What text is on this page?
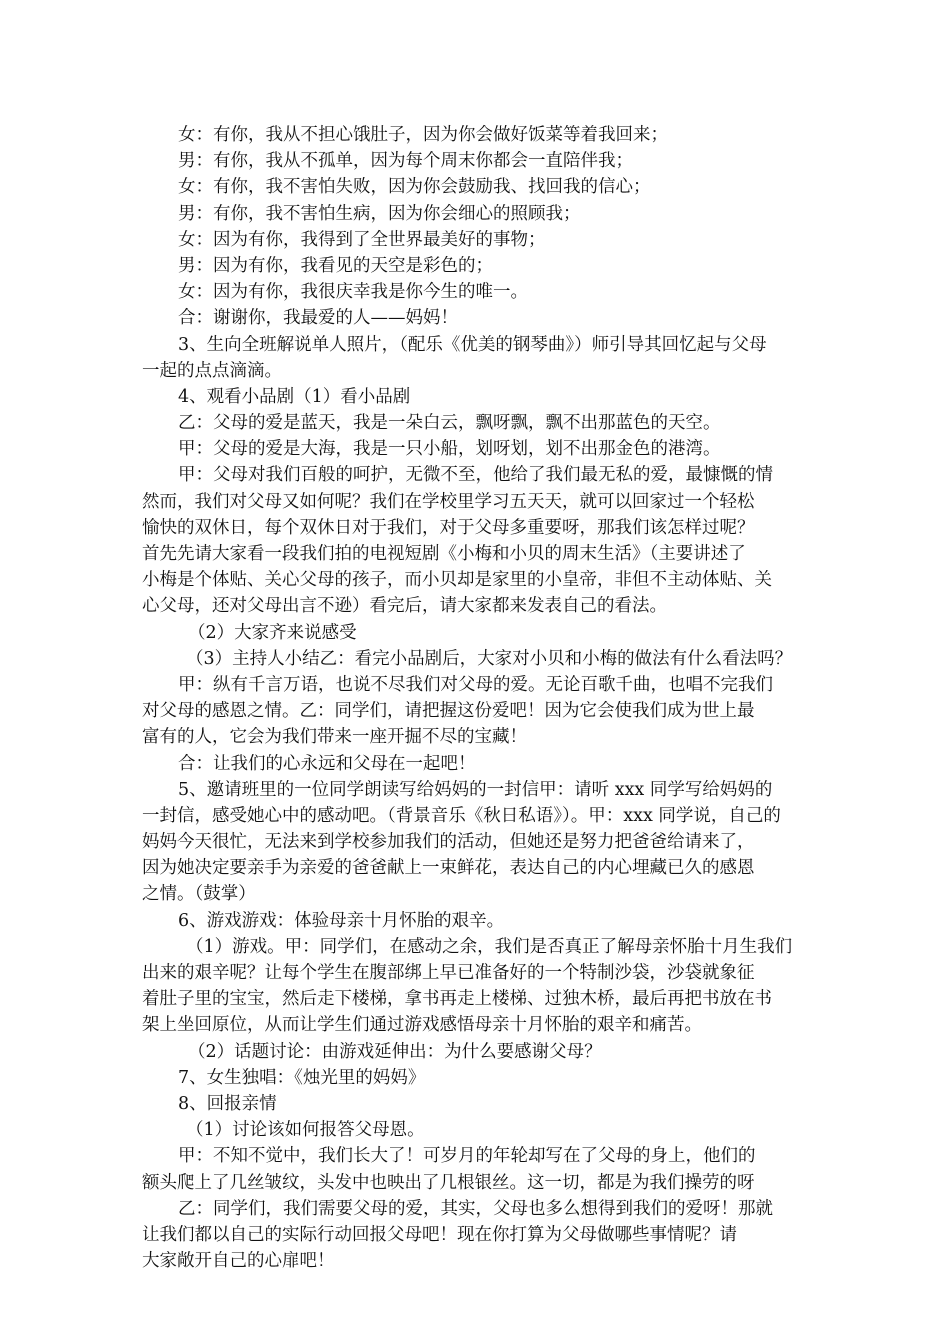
女：有你，我从不担心饿肚子，因为你会做好饭菜等着我回来；
男：有你，我从不孤单，因为每个周末你都会一直陪伴我；
女：有你，我不害怕失败，因为你会鼓励我、找回我的信心；
男：有你，我不害怕生病，因为你会细心的照顾我；
女：因为有你，我得到了全世界最美好的事物；
男：因为有你，我看见的天空是彩色的；
女：因为有你，我很庆幸我是你今生的唯一。
合：谢谢你，我最爱的人——妈妈！
3、生向全班解说单人照片，（配乐《优美的钢琴曲》）师引导其回忆起与父母
一起的点点滴滴。
4、观看小品剧（1）看小品剧
乙：父母的爱是蓝天，我是一朵白云，飘呀飘，飘不出那蓝色的天空。
甲：父母的爱是大海，我是一只小船，划呀划，划不出那金色的港湾。
甲：父母对我们百般的呵护，无微不至，他给了我们最无私的爱，最慷慨的情
然而，我们对父母又如何呢？我们在学校里学习五天天，就可以回家过一个轻松
愉快的双休日，每个双休日对于我们，对于父母多重要呀，那我们该怎样过呢？
首先先请大家看一段我们拍的电视短剧《小梅和小贝的周末生活》（主要讲述了
小梅是个体贴、关心父母的孩子，而小贝却是家里的小皇帝，非但不主动体贴、关
心父母，还对父母出言不逊）看完后，请大家都来发表自己的看法。
（2）大家齐来说感受
（3）主持人小结乙：看完小品剧后，大家对小贝和小梅的做法有什么看法吗？
甲：纵有千言万语，也说不尽我们对父母的爱。无论百歌千曲，也唱不完我们
对父母的感恩之情。乙：同学们，请把握这份爱吧！因为它会使我们成为世上最
富有的人，它会为我们带来一座开掘不尽的宝藏！
合：让我们的心永远和父母在一起吧！
5、邀请班里的一位同学朗读写给妈妈的一封信甲：请听 xxx 同学写给妈妈的
一封信，感受她心中的感动吧。（背景音乐《秋日私语》）。甲：xxx 同学说，自己的
妈妈今天很忙，无法来到学校参加我们的活动，但她还是努力把爸爸给请来了，
因为她决定要亲手为亲爱的爸爸献上一束鲜花，表达自己的内心埋藏已久的感恩
之情。（鼓掌）
6、游戏游戏：体验母亲十月怀胎的艰辛。
（1）游戏。甲：同学们，在感动之余，我们是否真正了解母亲怀胎十月生我们
出来的艰辛呢？让每个学生在腹部绑上早已准备好的一个特制沙袋，沙袋就象征
着肚子里的宝宝，然后走下楼梯，拿书再走上楼梯、过独木桥，最后再把书放在书
架上坐回原位，从而让学生们通过游戏感悟母亲十月怀胎的艰辛和痛苦。
（2）话题讨论：由游戏延伸出：为什么要感谢父母？
7、女生独唱：《烛光里的妈妈》
8、回报亲情
（1）讨论该如何报答父母恩。
甲：不知不觉中，我们长大了！可岁月的年轮却写在了父母的身上，他们的
额头爬上了几丝皱纹，头发中也映出了几根银丝。这一切，都是为我们操劳的呀
乙：同学们，我们需要父母的爱，其实，父母也多么想得到我们的爱呀！那就
让我们都以自己的实际行动回报父母吧！现在你打算为父母做哪些事情呢？请
大家敞开自己的心扉吧！
